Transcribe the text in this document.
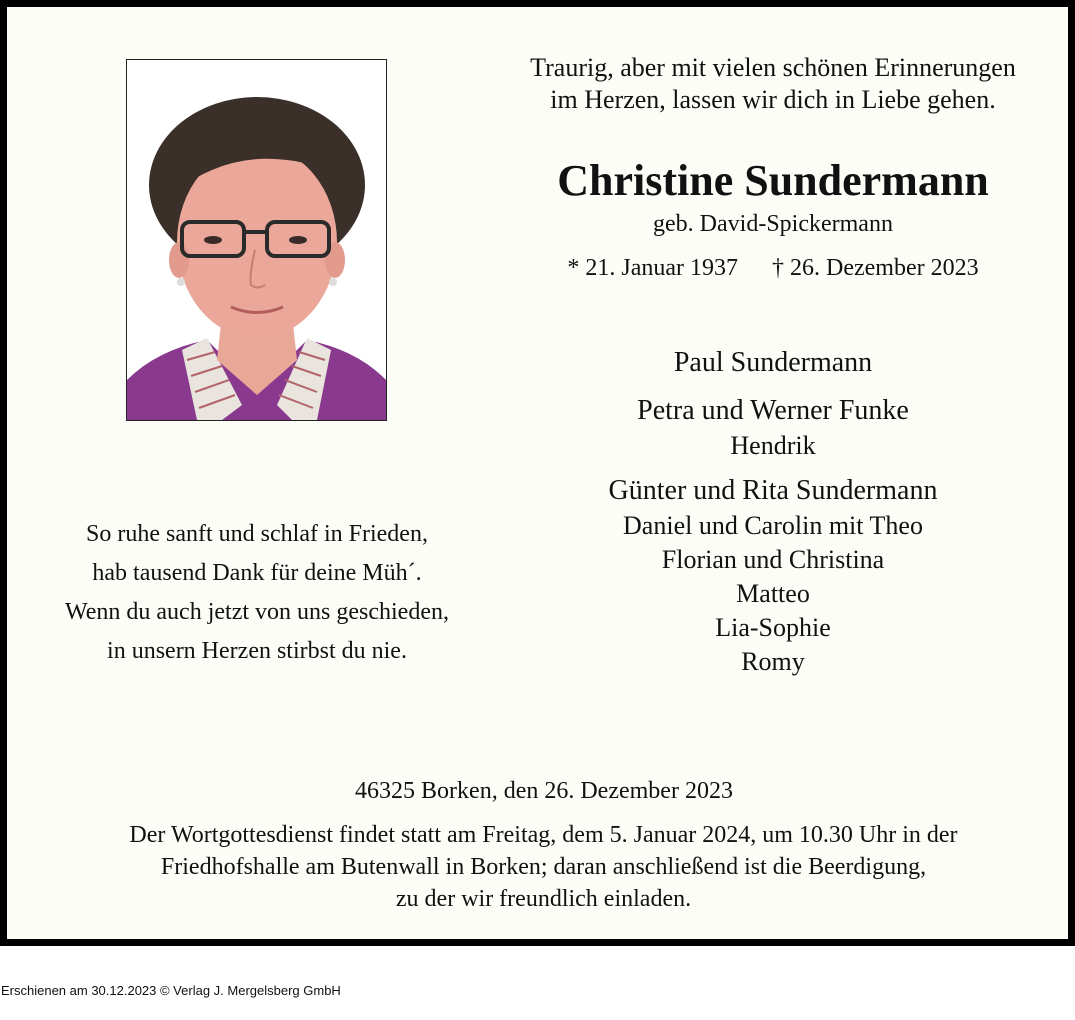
Traurig, aber mit vielen schönen Erinnerungen
im Herzen, lassen wir dich in Liebe gehen.
Christine Sundermann
geb. David-Spickermann
* 21. Januar 1937 † 26. Dezember 2023
Paul Sundermann
Petra und Werner Funke
Hendrik
Günter und Rita Sundermann
Daniel und Carolin mit Theo
Florian und Christina
Matteo
Lia-Sophie
Romy
So ruhe sanft und schlaf in Frieden,
hab tausend Dank für deine Müh´.
Wenn du auch jetzt von uns geschieden,
in unsern Herzen stirbst du nie.
46325 Borken, den 26. Dezember 2023
Der Wortgottesdienst findet statt am Freitag, dem 5. Januar 2024, um 10.30 Uhr in der
Friedhofshalle am Butenwall in Borken; daran anschließend ist die Beerdigung,
zu der wir freundlich einladen.
Erschienen am 30.12.2023 © Verlag J. Mergelsberg GmbH
